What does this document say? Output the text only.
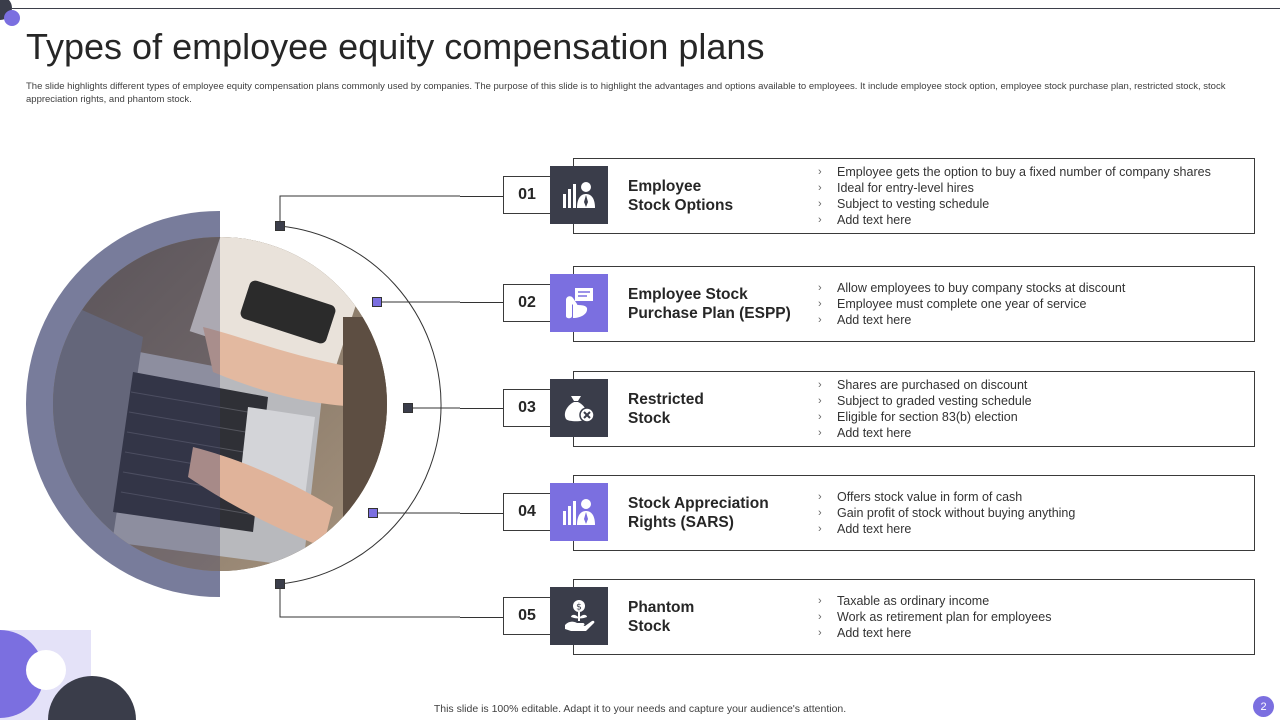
Types of employee equity compensation plans

The slide highlights different types of employee equity compensation plans commonly used by companies. The purpose of this slide is to highlight the advantages and options available to employees. It include employee stock option, employee stock purchase plan, restricted stock, stock appreciation rights, and phantom stock.

01	Employee
Stock Options
› Employee gets the option to buy a fixed number of company shares
› Ideal for entry-level hires
› Subject to vesting schedule
› Add text here
02	Employee Stock
Purchase Plan (ESPP)
› Allow employees to buy company stocks at discount
› Employee must complete one year of service
› Add text here
03	Restricted
Stock
› Shares are purchased on discount
› Subject to graded vesting schedule
› Eligible for section 83(b) election
› Add text here
04	Stock Appreciation
Rights (SARS)
› Offers stock value in form of cash
› Gain profit of stock without buying anything
› Add text here
05	$	Phantom
Stock
› Taxable as ordinary income
› Work as retirement plan for employees
› Add text here
This slide is 100% editable. Adapt it to your needs and capture your audience's attention.	2
